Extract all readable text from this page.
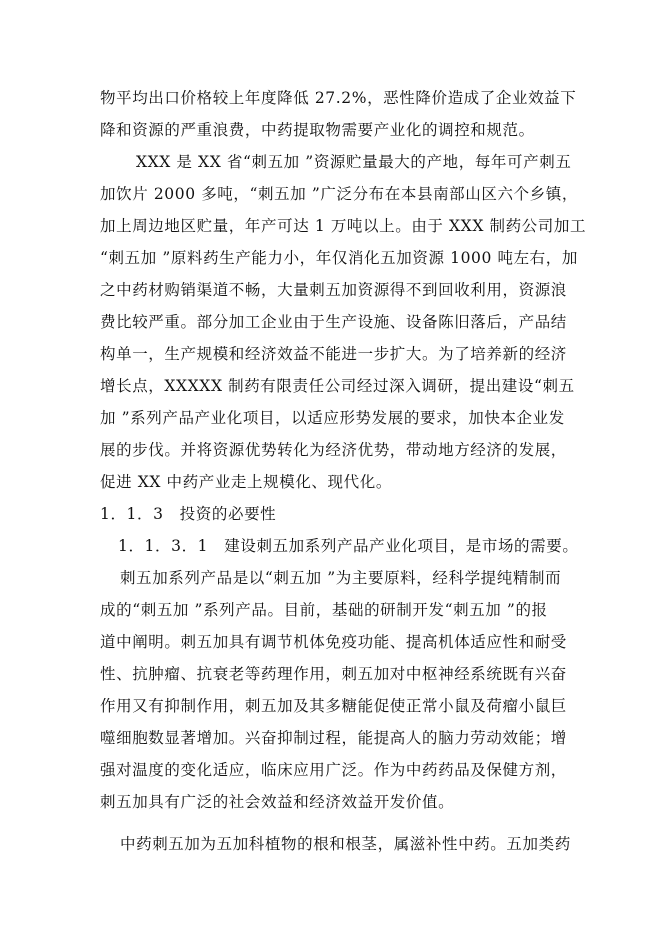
物平均出口价格较上年度降低 27.2%，恶性降价造成了企业效益下
降和资源的严重浪费，中药提取物需要产业化的调控和规范。
XXX 是 XX 省“刺五加 ”资源贮量最大的产地，每年可产刺五
加饮片 2000 多吨，“刺五加 ”广泛分布在本县南部山区六个乡镇，
加上周边地区贮量，年产可达 1 万吨以上。由于 XXX 制药公司加工
“刺五加 ”原料药生产能力小，年仅消化五加资源 1000 吨左右，加
之中药材购销渠道不畅，大量刺五加资源得不到回收利用，资源浪
费比较严重。部分加工企业由于生产设施、设备陈旧落后，产品结
构单一，生产规模和经济效益不能进一步扩大。为了培养新的经济
增长点，XXXXX 制药有限责任公司经过深入调研，提出建设“刺五
加 ”系列产品产业化项目，以适应形势发展的要求，加快本企业发
展的步伐。并将资源优势转化为经济优势，带动地方经济的发展，
促进 XX 中药产业走上规模化、现代化。
1．1．3　投资的必要性
1．1．3．1　建设刺五加系列产品产业化项目，是市场的需要。
刺五加系列产品是以“刺五加 ”为主要原料，经科学提纯精制而
成的“刺五加 ”系列产品。目前，基础的研制开发“刺五加 ”的报
道中阐明。刺五加具有调节机体免疫功能、提高机体适应性和耐受
性、抗肿瘤、抗衰老等药理作用，刺五加对中枢神经系统既有兴奋
作用又有抑制作用，刺五加及其多糖能促使正常小鼠及荷瘤小鼠巨
噬细胞数显著增加。兴奋抑制过程，能提高人的脑力劳动效能；增
强对温度的变化适应，临床应用广泛。作为中药药品及保健方剂，
刺五加具有广泛的社会效益和经济效益开发价值。
中药刺五加为五加科植物的根和根茎，属滋补性中药。五加类药
